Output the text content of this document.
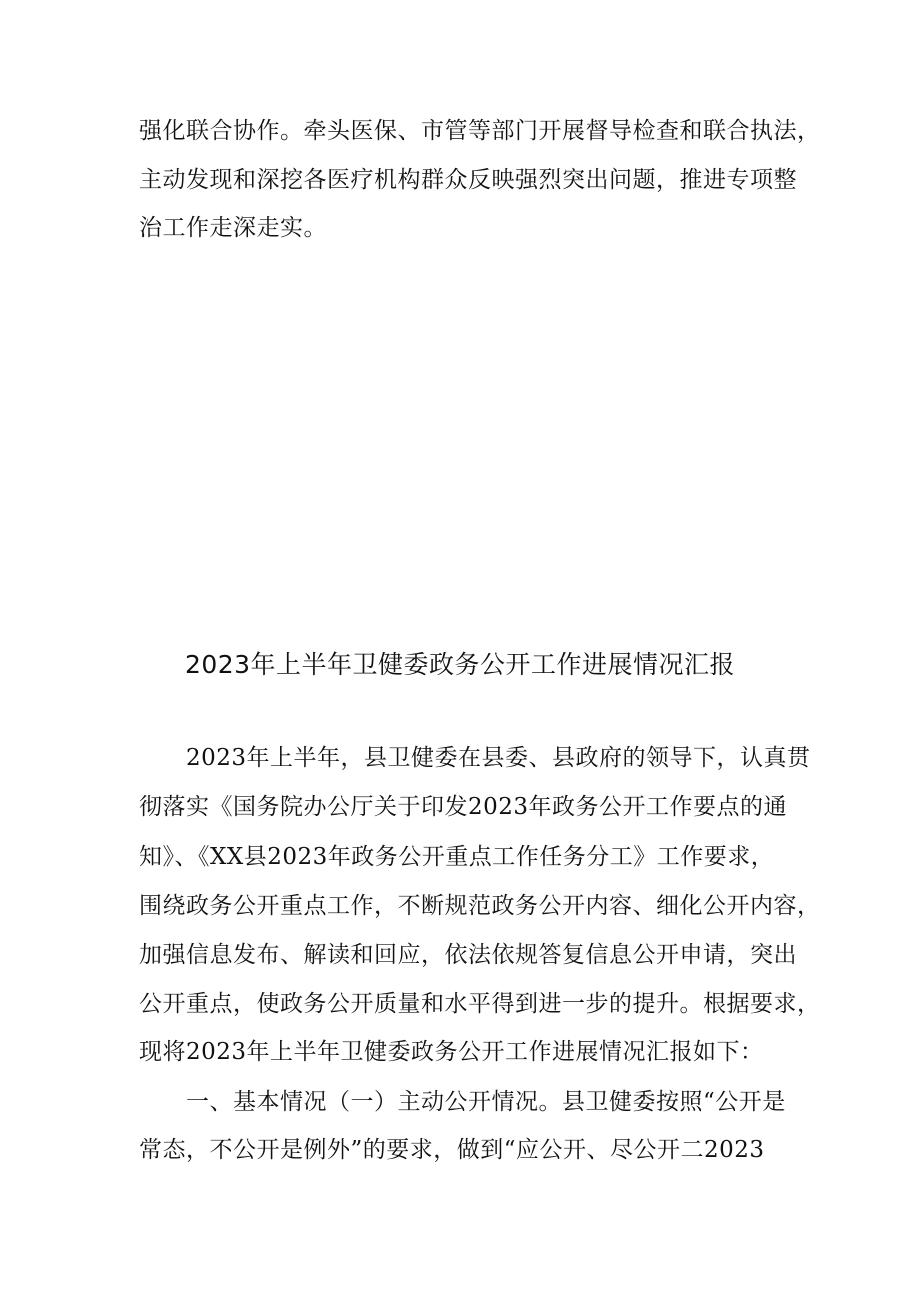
强化联合协作。牵头医保、市管等部门开展督导检查和联合执法，
主动发现和深挖各医疗机构群众反映强烈突出问题，推进专项整
治工作走深走实。
2023年上半年卫健委政务公开工作进展情况汇报
2023年上半年，县卫健委在县委、县政府的领导下，认真贯
彻落实《国务院办公厅关于印发2023年政务公开工作要点的通
知》、《XX县2023年政务公开重点工作任务分工》工作要求，
围绕政务公开重点工作，不断规范政务公开内容、细化公开内容，
加强信息发布、解读和回应，依法依规答复信息公开申请，突出
公开重点，使政务公开质量和水平得到进一步的提升。根据要求，
现将2023年上半年卫健委政务公开工作进展情况汇报如下：
一、基本情况（一）主动公开情况。县卫健委按照“公开是
常态，不公开是例外”的要求，做到“应公开、尽公开二2023
